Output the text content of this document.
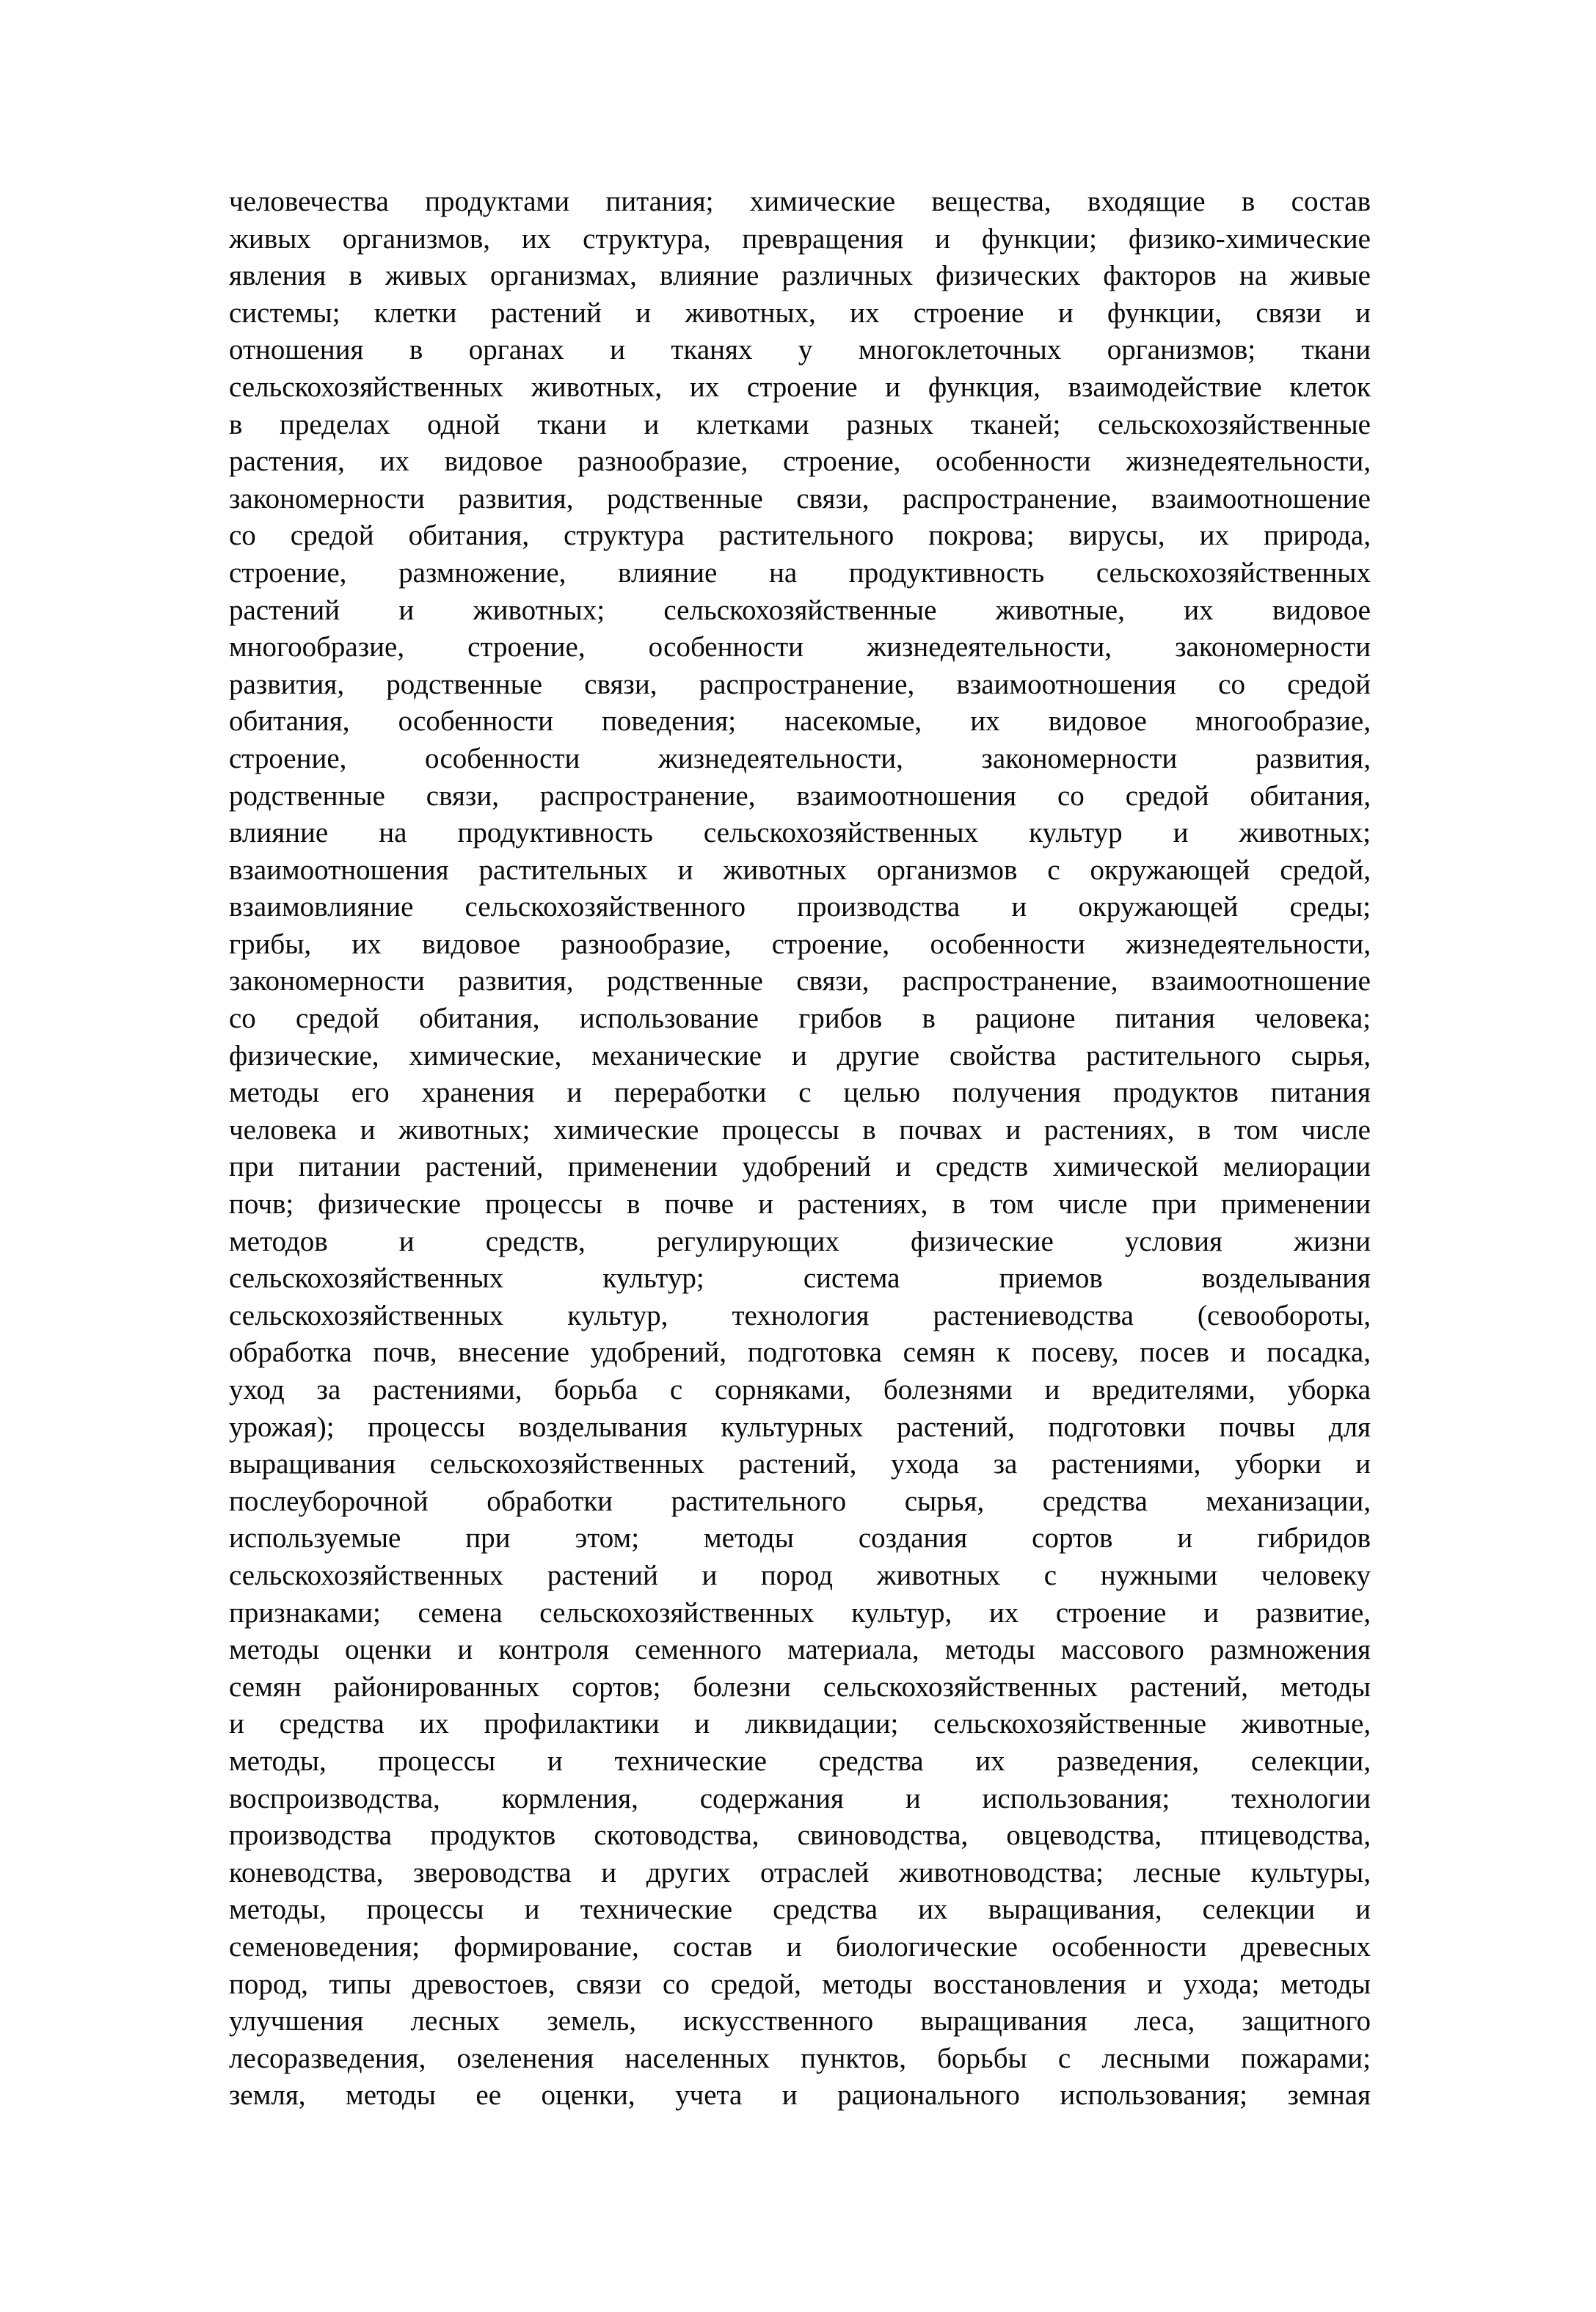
человечества продуктами питания; химические вещества, входящие в состав
живых организмов, их структура, превращения и функции; физико-химические
явления в живых организмах, влияние различных физических факторов на живые
системы; клетки растений и животных, их строение и функции, связи и
отношения в органах и тканях у многоклеточных организмов; ткани
сельскохозяйственных животных, их строение и функция, взаимодействие клеток
в пределах одной ткани и клетками разных тканей; сельскохозяйственные
растения, их видовое разнообразие, строение, особенности жизнедеятельности,
закономерности развития, родственные связи, распространение, взаимоотношение
со средой обитания, структура растительного покрова; вирусы, их природа,
строение, размножение, влияние на продуктивность сельскохозяйственных
растений и животных; сельскохозяйственные животные, их видовое
многообразие, строение, особенности жизнедеятельности, закономерности
развития, родственные связи, распространение, взаимоотношения со средой
обитания, особенности поведения; насекомые, их видовое многообразие,
строение, особенности жизнедеятельности, закономерности развития,
родственные связи, распространение, взаимоотношения со средой обитания,
влияние на продуктивность сельскохозяйственных культур и животных;
взаимоотношения растительных и животных организмов с окружающей средой,
взаимовлияние сельскохозяйственного производства и окружающей среды;
грибы, их видовое разнообразие, строение, особенности жизнедеятельности,
закономерности развития, родственные связи, распространение, взаимоотношение
со средой обитания, использование грибов в рационе питания человека;
физические, химические, механические и другие свойства растительного сырья,
методы его хранения и переработки с целью получения продуктов питания
человека и животных; химические процессы в почвах и растениях, в том числе
при питании растений, применении удобрений и средств химической мелиорации
почв; физические процессы в почве и растениях, в том числе при применении
методов и средств, регулирующих физические условия жизни
сельскохозяйственных культур; система приемов возделывания
сельскохозяйственных культур, технология растениеводства (севообороты,
обработка почв, внесение удобрений, подготовка семян к посеву, посев и посадка,
уход за растениями, борьба с сорняками, болезнями и вредителями, уборка
урожая); процессы возделывания культурных растений, подготовки почвы для
выращивания сельскохозяйственных растений, ухода за растениями, уборки и
послеуборочной обработки растительного сырья, средства механизации,
используемые при этом; методы создания сортов и гибридов
сельскохозяйственных растений и пород животных с нужными человеку
признаками; семена сельскохозяйственных культур, их строение и развитие,
методы оценки и контроля семенного материала, методы массового размножения
семян районированных сортов; болезни сельскохозяйственных растений, методы
и средства их профилактики и ликвидации; сельскохозяйственные животные,
методы, процессы и технические средства их разведения, селекции,
воспроизводства, кормления, содержания и использования; технологии
производства продуктов скотоводства, свиноводства, овцеводства, птицеводства,
коневодства, звероводства и других отраслей животноводства; лесные культуры,
методы, процессы и технические средства их выращивания, селекции и
семеноведения; формирование, состав и биологические особенности древесных
пород, типы древостоев, связи со средой, методы восстановления и ухода; методы
улучшения лесных земель, искусственного выращивания леса, защитного
лесоразведения, озеленения населенных пунктов, борьбы с лесными пожарами;
земля, методы ее оценки, учета и рационального использования; земная
